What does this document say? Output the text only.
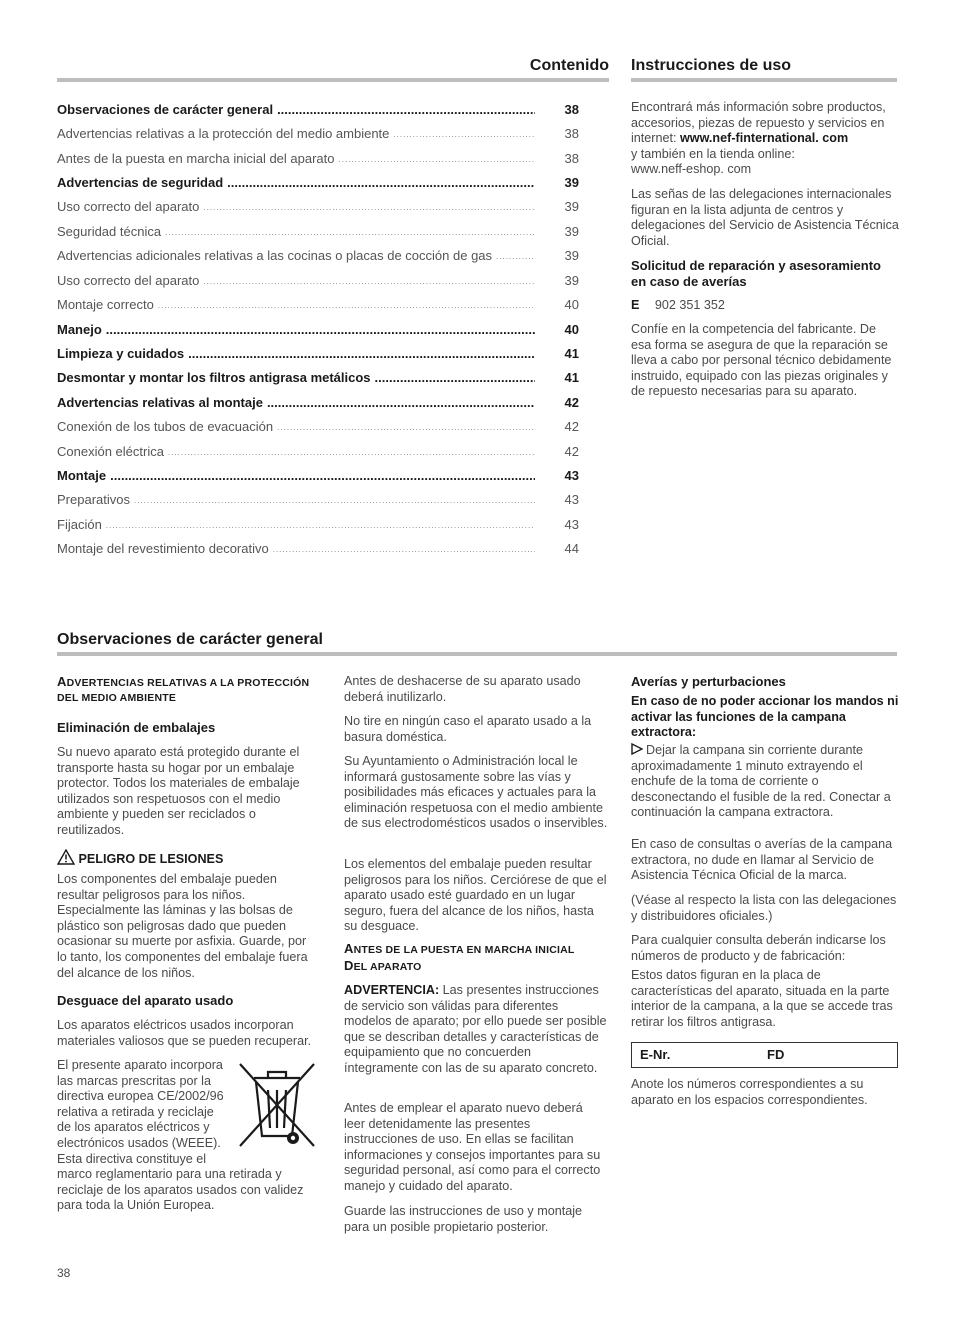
Contenido Instrucciones de uso
Observaciones de carácter general .....	38
Advertencias relativas a la protección del medio ambiente .....	38
Antes de la puesta en marcha inicial del aparato .....	38
Advertencias de seguridad .....	39
Uso correcto del aparato .....	39
Seguridad técnica .....	39
Advertencias adicionales relativas a las cocinas o placas de cocción de gas .....	39
Uso correcto del aparato .....	39
Montaje correcto .....	40
Manejo .....	40
Limpieza y cuidados .....	41
Desmontar y montar los filtros antigrasa metálicos .....	41
Advertencias relativas al montaje .....	42
Conexión de los tubos de evacuación .....	42
Conexión eléctrica .....	42
Montaje .....	43
Preparativos .....	43
Fijación .....	43
Montaje del revestimiento decorativo .....	44
Encontrará más información sobre productos, accesorios, piezas de repuesto y servicios en internet: www.nef-finternational. com
y también en la tienda online:
www.neff-eshop. com
Las señas de las delegaciones internacionales figuran en la lista adjunta de centros y delegaciones del Servicio de Asistencia Técnica Oficial.
Solicitud de reparación y asesoramiento en caso de averías
E 902 351 352
Confíe en la competencia del fabricante. De esa forma se asegura de que la reparación se lleva a cabo por personal técnico debidamente instruido, equipado con las piezas originales y de repuesto necesarias para su aparato.
Observaciones de carácter general
ADVERTENCIAS RELATIVAS A LA PROTECCIÓN
DEL MEDIO AMBIENTE
Eliminación de embalajes
Su nuevo aparato está protegido durante el transporte hasta su hogar por un embalaje protector. Todos los materiales de embalaje utilizados son respetuosos con el medio ambiente y pueden ser reciclados o reutilizados.
PELIGRO DE LESIONES
Los componentes del embalaje pueden resultar peligrosos para los niños. Especialmente las láminas y las bolsas de plástico son peligrosas dado que pueden ocasionar su muerte por asfixia. Guarde, por lo tanto, los componentes del embalaje fuera del alcance de los niños.
Desguace del aparato usado
Los aparatos eléctricos usados incorporan materiales valiosos que se pueden recuperar.
El presente aparato incorpora las marcas prescritas por la directiva europea CE/2002/96 relativa a retirada y reciclaje de los aparatos eléctricos y electrónicos usados (WEEE). Esta directiva constituye el
marco reglamentario para una retirada y reciclaje de los aparatos usados con validez para toda la Unión Europea.
Antes de deshacerse de su aparato usado deberá inutilizarlo.
No tire en ningún caso el aparato usado a la basura doméstica.
Su Ayuntamiento o Administración local le informará gustosamente sobre las vías y posibilidades más eficaces y actuales para la eliminación respetuosa con el medio ambiente de sus electrodomésticos usados o inservibles.
Los elementos del embalaje pueden resultar peligrosos para los niños. Cerciórese de que el aparato usado esté guardado en un lugar seguro, fuera del alcance de los niños, hasta su desguace.
ANTES DE LA PUESTA EN MARCHA INICIAL
DEL APARATO
ADVERTENCIA: Las presentes instrucciones de servicio son válidas para diferentes modelos de aparato; por ello puede ser posible que se describan detalles y características de equipamiento que no concuerden íntegramente con las de su aparato concreto.
Antes de emplear el aparato nuevo deberá leer detenidamente las presentes instrucciones de uso. En ellas se facilitan informaciones y consejos importantes para su seguridad personal, así como para el correcto manejo y cuidado del aparato.
Guarde las instrucciones de uso y montaje para un posible propietario posterior.
Averías y perturbaciones
En caso de no poder accionar los mandos ni activar las funciones de la campana extractora:
Dejar la campana sin corriente durante aproximadamente 1 minuto extrayendo el enchufe de la toma de corriente o desconectando el fusible de la red. Conectar a continuación la campana extractora.
En caso de consultas o averías de la campana extractora, no dude en llamar al Servicio de Asistencia Técnica Oficial de la marca.
(Véase al respecto la lista con las delegaciones y distribuidores oficiales.)
Para cualquier consulta deberán indicarse los números de producto y de fabricación:
Estos datos figuran en la placa de características del aparato, situada en la parte interior de la campana, a la que se accede tras retirar los filtros antigrasa.
E-Nr.	FD
Anote los números correspondientes a su aparato en los espacios correspondientes.
38
